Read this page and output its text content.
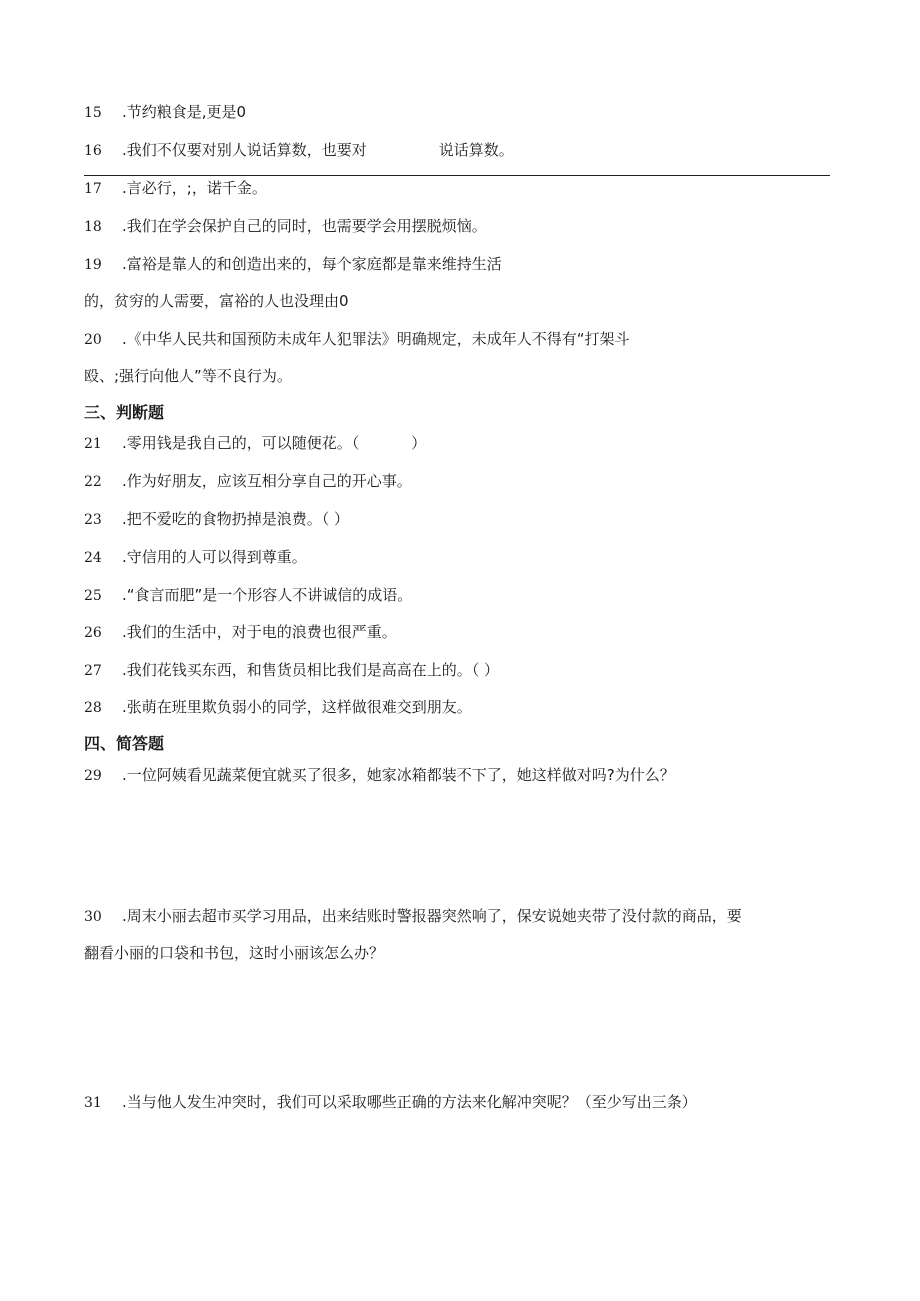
15 .节约粮食是,更是0
16 .我们不仅要对别人说话算数，也要对	说话算数。
17 .言必行，;，诺千金。
18 .我们在学会保护自己的同时，也需要学会用摆脱烦恼。
19 .富裕是靠人的和创造出来的，每个家庭都是靠来维持生活
的，贫穷的人需要，富裕的人也没理由0
20 .《中华人民共和国预防未成年人犯罪法》明确规定，未成年人不得有“打架斗
殴、;强行向他人”等不良行为。
三、判断题
21 .零用钱是我自己的，可以随便花。（	）
22 .作为好朋友，应该互相分享自己的开心事。
23 .把不爱吃的食物扔掉是浪费。（ ）
24 .守信用的人可以得到尊重。
25 .“食言而肥”是一个形容人不讲诚信的成语。
26 .我们的生活中，对于电的浪费也很严重。
27 .我们花钱买东西，和售货员相比我们是高高在上的。（ ）
28 .张萌在班里欺负弱小的同学，这样做很难交到朋友。
四、简答题
29 .一位阿姨看见蔬菜便宜就买了很多，她家冰箱都装不下了，她这样做对吗?为什么？
30 .周末小丽去超市买学习用品，出来结账时警报器突然响了，保安说她夹带了没付款的商品，要
翻看小丽的口袋和书包，这时小丽该怎么办？
31 .当与他人发生冲突时，我们可以采取哪些正确的方法来化解冲突呢？（至少写出三条）
